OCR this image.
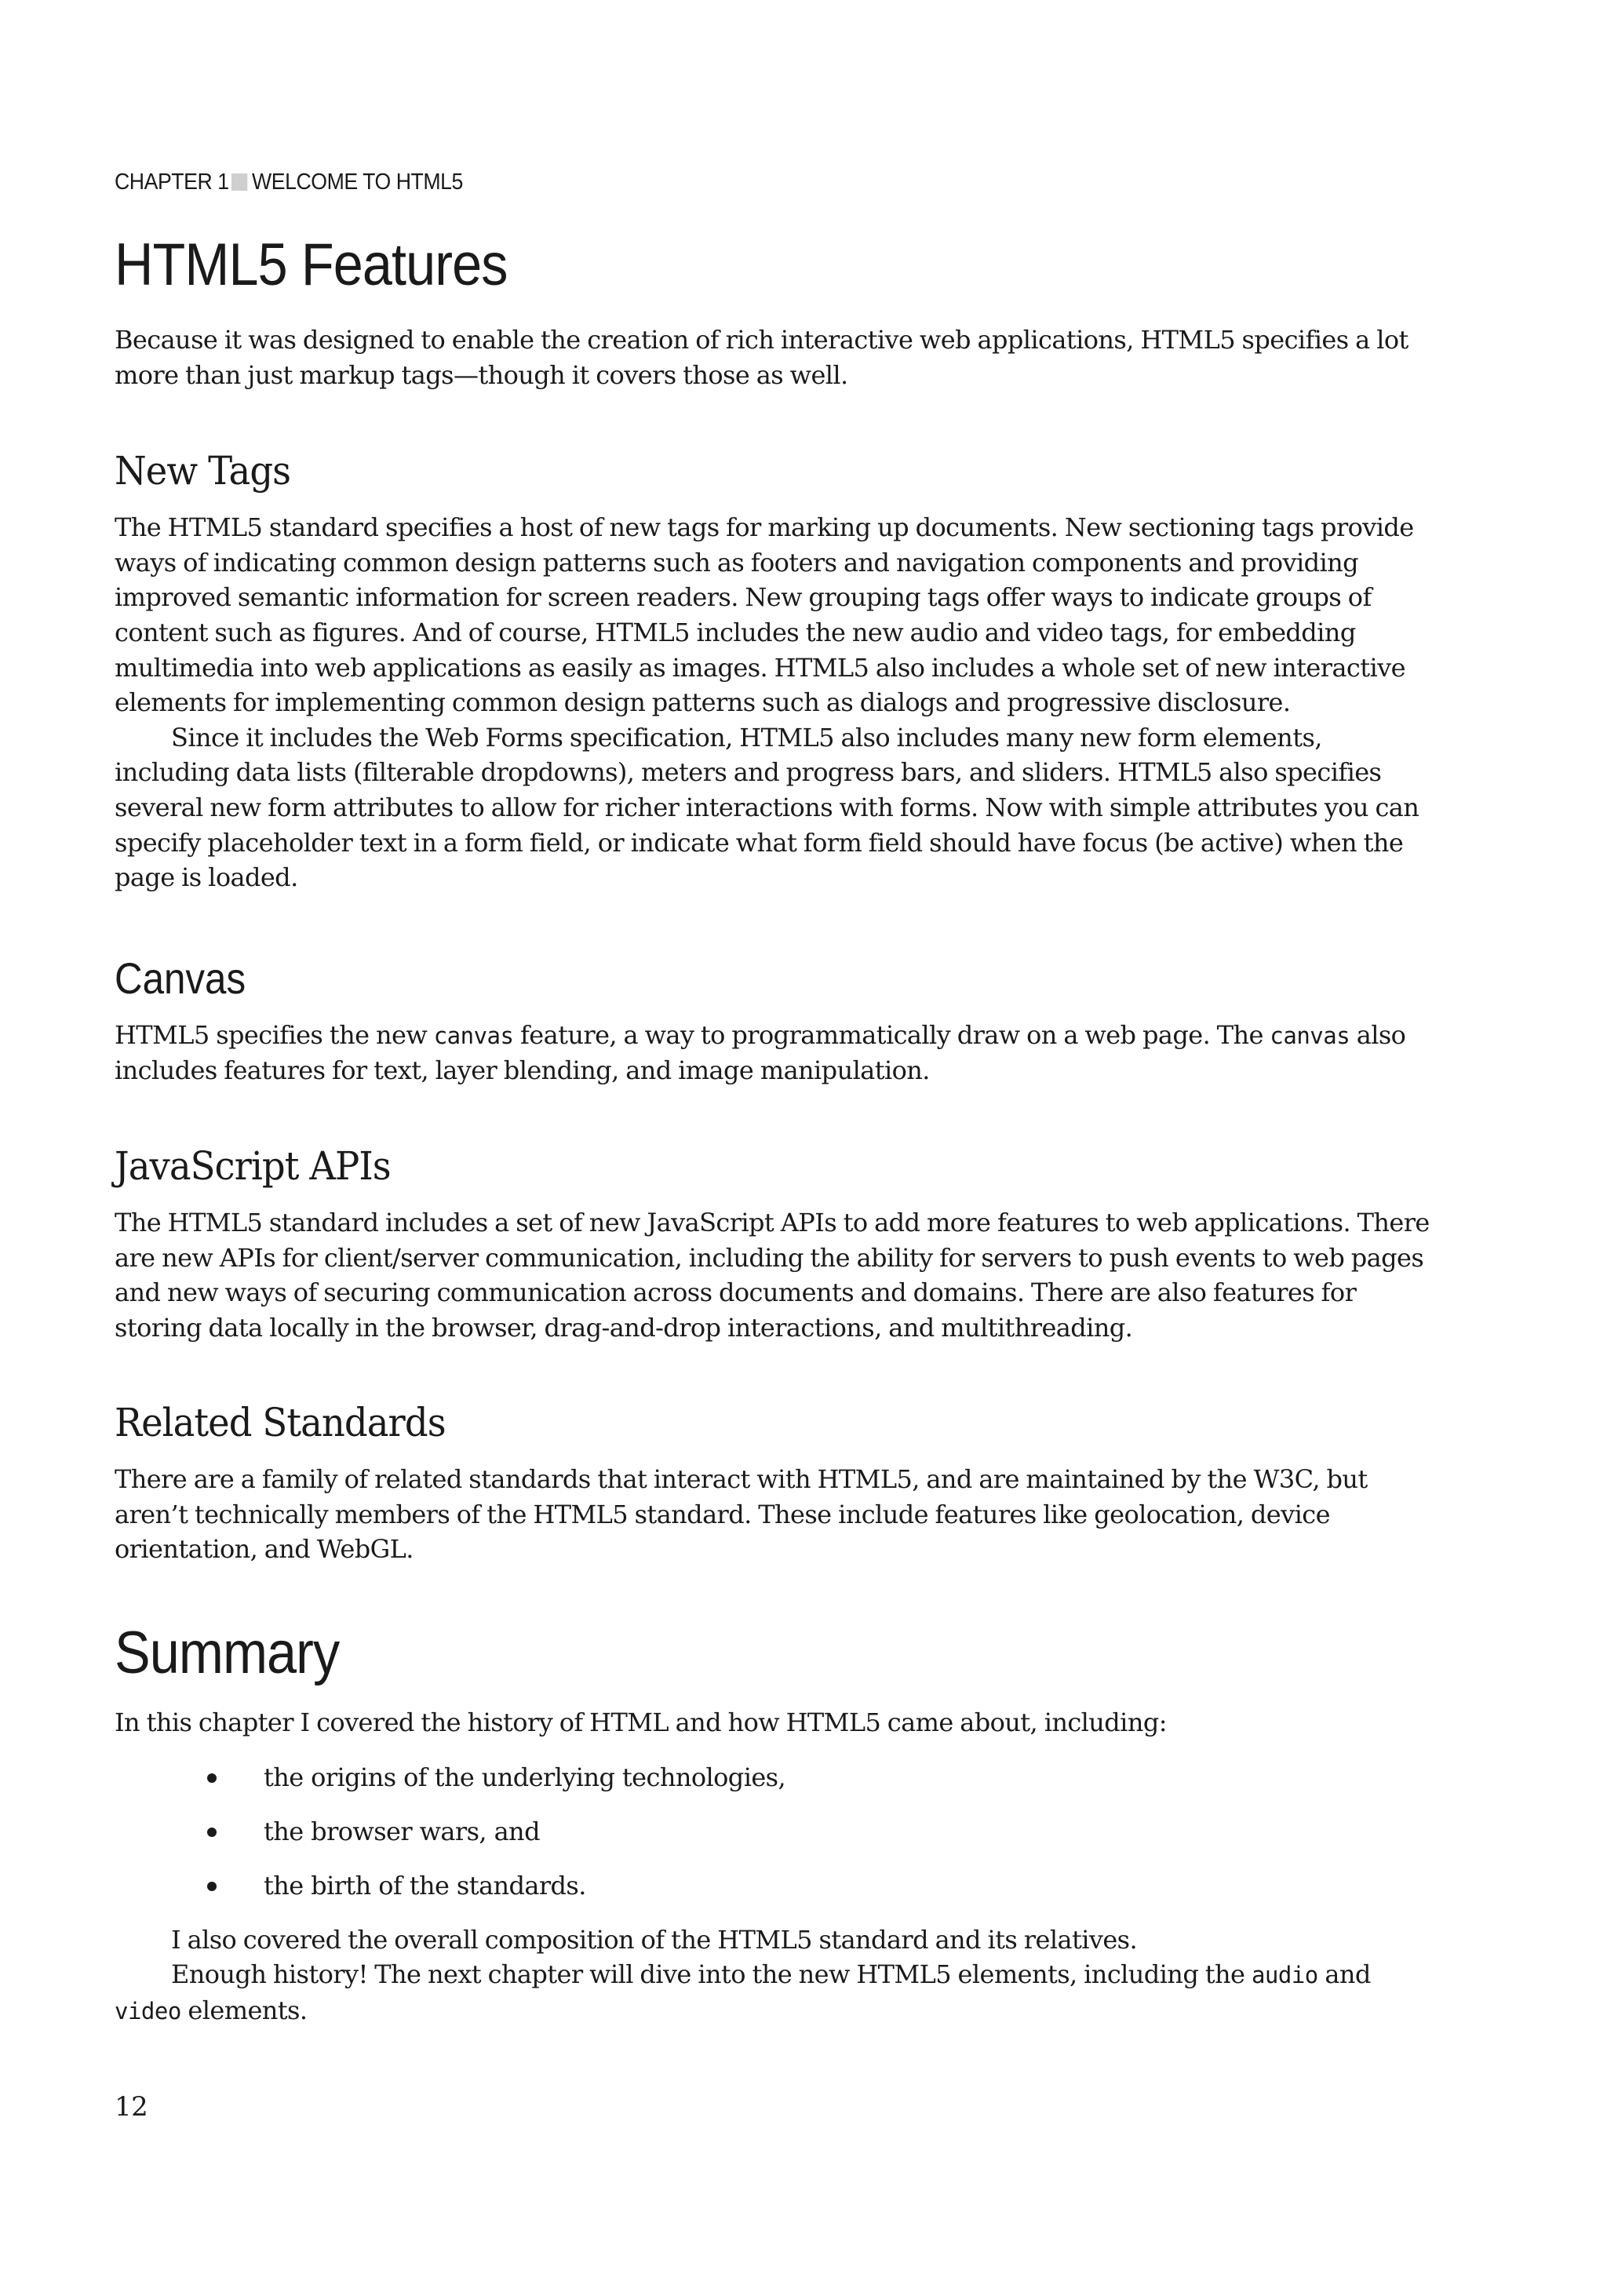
CHAPTER 1 WELCOME TO HTML5
HTML5 Features

Because it was designed to enable the creation of rich interactive web applications, HTML5 specifies a lot more than just markup tags—though it covers those as well.

New Tags

The HTML5 standard specifies a host of new tags for marking up documents. New sectioning tags provide ways of indicating common design patterns such as footers and navigation components and providing improved semantic information for screen readers. New grouping tags offer ways to indicate groups of content such as figures. And of course, HTML5 includes the new audio and video tags, for embedding multimedia into web applications as easily as images. HTML5 also includes a whole set of new interactive elements for implementing common design patterns such as dialogs and progressive disclosure.

Since it includes the Web Forms specification, HTML5 also includes many new form elements, including data lists (filterable dropdowns), meters and progress bars, and sliders. HTML5 also specifies several new form attributes to allow for richer interactions with forms. Now with simple attributes you can specify placeholder text in a form field, or indicate what form field should have focus (be active) when the page is loaded.

Canvas

HTML5 specifies the new canvas feature, a way to programmatically draw on a web page. The canvas also includes features for text, layer blending, and image manipulation.

JavaScript APIs

The HTML5 standard includes a set of new JavaScript APIs to add more features to web applications. There are new APIs for client/server communication, including the ability for servers to push events to web pages and new ways of securing communication across documents and domains. There are also features for storing data locally in the browser, drag-and-drop interactions, and multithreading.

Related Standards

There are a family of related standards that interact with HTML5, and are maintained by the W3C, but aren’t technically members of the HTML5 standard. These include features like geolocation, device orientation, and WebGL.

Summary

In this chapter I covered the history of HTML and how HTML5 came about, including:

the origins of the underlying technologies,
the browser wars, and
the birth of the standards.

I also covered the overall composition of the HTML5 standard and its relatives.

Enough history! The next chapter will dive into the new HTML5 elements, including the audio and video elements.

12
